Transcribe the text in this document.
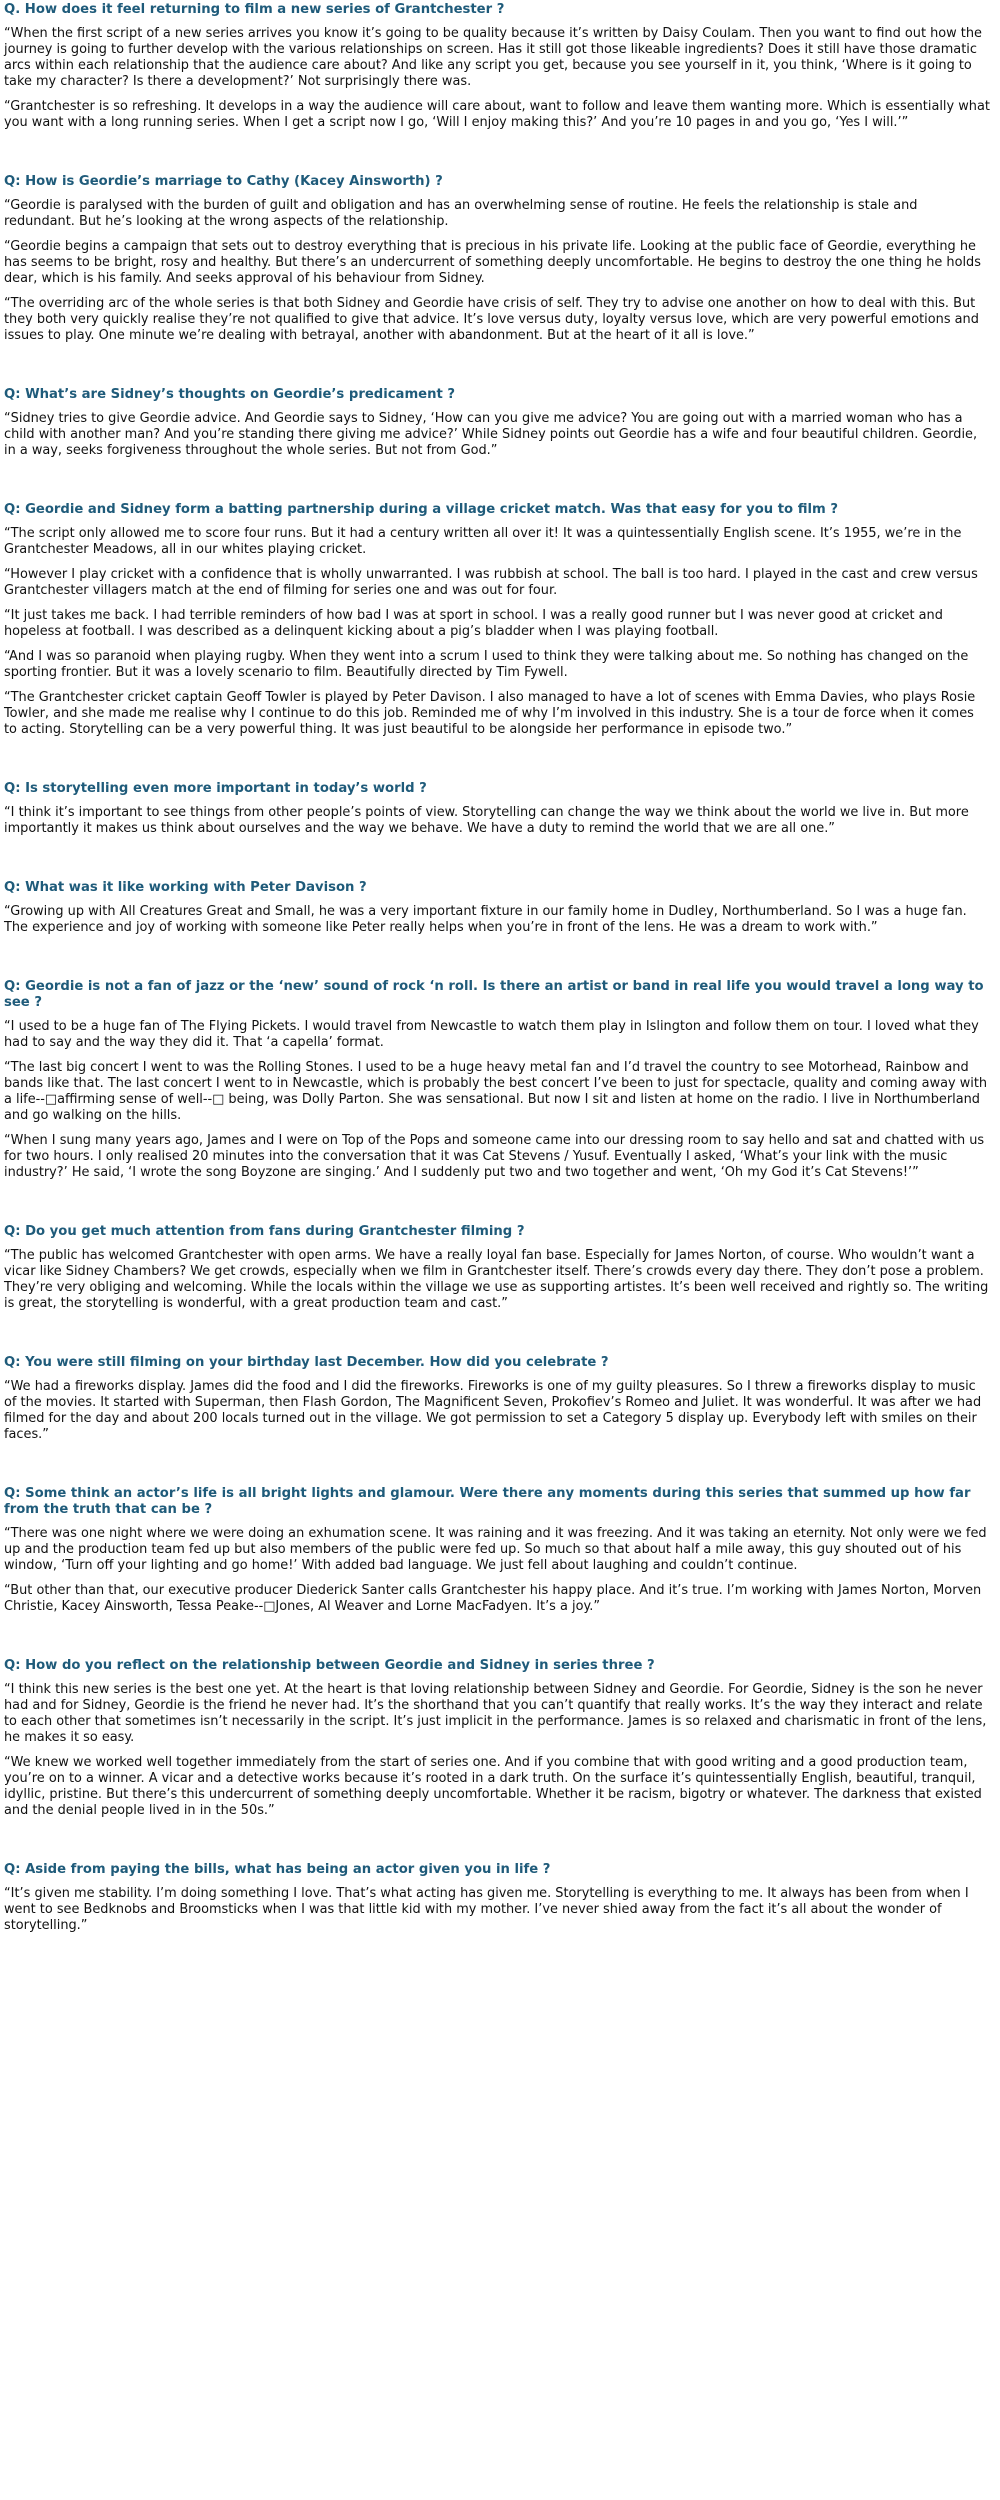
Q. How does it feel returning to film a new series of Grantchester ?

“When the first script of a new series arrives you know it’s going to be quality because it’s written by Daisy Coulam. Then you want to find out how the journey is going to further develop with the various relationships on screen. Has it still got those likeable ingredients? Does it still have those dramatic arcs within each relationship that the audience care about? And like any script you get, because you see yourself in it, you think, ‘Where is it going to take my character? Is there a development?’ Not surprisingly there was.

“Grantchester is so refreshing. It develops in a way the audience will care about, want to follow and leave them wanting more. Which is essentially what you want with a long running series. When I get a script now I go, ‘Will I enjoy making this?’ And you’re 10 pages in and you go, ‘Yes I will.’”

Q: How is Geordie’s marriage to Cathy (Kacey Ainsworth) ?

“Geordie is paralysed with the burden of guilt and obligation and has an overwhelming sense of routine. He feels the relationship is stale and redundant. But he’s looking at the wrong aspects of the relationship.

“Geordie begins a campaign that sets out to destroy everything that is precious in his private life. Looking at the public face of Geordie, everything he has seems to be bright, rosy and healthy. But there’s an undercurrent of something deeply uncomfortable. He begins to destroy the one thing he holds dear, which is his family. And seeks approval of his behaviour from Sidney.

“The overriding arc of the whole series is that both Sidney and Geordie have crisis of self. They try to advise one another on how to deal with this. But they both very quickly realise they’re not qualified to give that advice. It’s love versus duty, loyalty versus love, which are very powerful emotions and issues to play. One minute we’re dealing with betrayal, another with abandonment. But at the heart of it all is love.”

Q: What’s are Sidney’s thoughts on Geordie’s predicament ?

“Sidney tries to give Geordie advice. And Geordie says to Sidney, ‘How can you give me advice? You are going out with a married woman who has a child with another man? And you’re standing there giving me advice?’ While Sidney points out Geordie has a wife and four beautiful children. Geordie, in a way, seeks forgiveness throughout the whole series. But not from God.”

Q: Geordie and Sidney form a batting partnership during a village cricket match. Was that easy for you to film ?

“The script only allowed me to score four runs. But it had a century written all over it! It was a quintessentially English scene. It’s 1955, we’re in the Grantchester Meadows, all in our whites playing cricket.

“However I play cricket with a confidence that is wholly unwarranted. I was rubbish at school. The ball is too hard. I played in the cast and crew versus Grantchester villagers match at the end of filming for series one and was out for four.

“It just takes me back. I had terrible reminders of how bad I was at sport in school. I was a really good runner but I was never good at cricket and hopeless at football. I was described as a delinquent kicking about a pig’s bladder when I was playing football.

“And I was so paranoid when playing rugby. When they went into a scrum I used to think they were talking about me. So nothing has changed on the sporting frontier. But it was a lovely scenario to film. Beautifully directed by Tim Fywell.

“The Grantchester cricket captain Geoff Towler is played by Peter Davison. I also managed to have a lot of scenes with Emma Davies, who plays Rosie Towler, and she made me realise why I continue to do this job. Reminded me of why I’m involved in this industry. She is a tour de force when it comes to acting. Storytelling can be a very powerful thing. It was just beautiful to be alongside her performance in episode two.”

Q: Is storytelling even more important in today’s world ?

“I think it’s important to see things from other people’s points of view. Storytelling can change the way we think about the world we live in. But more importantly it makes us think about ourselves and the way we behave. We have a duty to remind the world that we are all one.”

Q: What was it like working with Peter Davison ?

“Growing up with All Creatures Great and Small, he was a very important fixture in our family home in Dudley, Northumberland. So I was a huge fan. The experience and joy of working with someone like Peter really helps when you’re in front of the lens. He was a dream to work with.”

Q: Geordie is not a fan of jazz or the ‘new’ sound of rock ‘n roll. Is there an artist or band in real life you would travel a long way to see ?

“I used to be a huge fan of The Flying Pickets. I would travel from Newcastle to watch them play in Islington and follow them on tour. I loved what they had to say and the way they did it. That ‘a capella’ format.

“The last big concert I went to was the Rolling Stones. I used to be a huge heavy metal fan and I’d travel the country to see Motorhead, Rainbow and bands like that. The last concert I went to in Newcastle, which is probably the best concert I’ve been to just for spectacle, quality and coming away with a life--□affirming sense of well--□ being, was Dolly Parton. She was sensational. But now I sit and listen at home on the radio. I live in Northumberland and go walking on the hills.

“When I sung many years ago, James and I were on Top of the Pops and someone came into our dressing room to say hello and sat and chatted with us for two hours. I only realised 20 minutes into the conversation that it was Cat Stevens / Yusuf. Eventually I asked, ‘What’s your link with the music industry?’ He said, ‘I wrote the song Boyzone are singing.’ And I suddenly put two and two together and went, ‘Oh my God it’s Cat Stevens!’”

Q: Do you get much attention from fans during Grantchester filming ?

“The public has welcomed Grantchester with open arms. We have a really loyal fan base. Especially for James Norton, of course. Who wouldn’t want a vicar like Sidney Chambers? We get crowds, especially when we film in Grantchester itself. There’s crowds every day there. They don’t pose a problem. They’re very obliging and welcoming. While the locals within the village we use as supporting artistes. It’s been well received and rightly so. The writing is great, the storytelling is wonderful, with a great production team and cast.”

Q: You were still filming on your birthday last December. How did you celebrate ?

“We had a fireworks display. James did the food and I did the fireworks. Fireworks is one of my guilty pleasures. So I threw a fireworks display to music of the movies. It started with Superman, then Flash Gordon, The Magnificent Seven, Prokofiev’s Romeo and Juliet. It was wonderful. It was after we had filmed for the day and about 200 locals turned out in the village. We got permission to set a Category 5 display up. Everybody left with smiles on their faces.”

Q: Some think an actor’s life is all bright lights and glamour. Were there any moments during this series that summed up how far from the truth that can be ?

“There was one night where we were doing an exhumation scene. It was raining and it was freezing. And it was taking an eternity. Not only were we fed up and the production team fed up but also members of the public were fed up. So much so that about half a mile away, this guy shouted out of his window, ‘Turn off your lighting and go home!’ With added bad language. We just fell about laughing and couldn’t continue.

“But other than that, our executive producer Diederick Santer calls Grantchester his happy place. And it’s true. I’m working with James Norton, Morven Christie, Kacey Ainsworth, Tessa Peake--□Jones, Al Weaver and Lorne MacFadyen. It’s a joy.”

Q: How do you reflect on the relationship between Geordie and Sidney in series three ?

“I think this new series is the best one yet. At the heart is that loving relationship between Sidney and Geordie. For Geordie, Sidney is the son he never had and for Sidney, Geordie is the friend he never had. It’s the shorthand that you can’t quantify that really works. It’s the way they interact and relate to each other that sometimes isn’t necessarily in the script. It’s just implicit in the performance. James is so relaxed and charismatic in front of the lens, he makes it so easy.

“We knew we worked well together immediately from the start of series one. And if you combine that with good writing and a good production team, you’re on to a winner. A vicar and a detective works because it’s rooted in a dark truth. On the surface it’s quintessentially English, beautiful, tranquil, idyllic, pristine. But there’s this undercurrent of something deeply uncomfortable. Whether it be racism, bigotry or whatever. The darkness that existed and the denial people lived in in the 50s.”

Q: Aside from paying the bills, what has being an actor given you in life ?

“It’s given me stability. I’m doing something I love. That’s what acting has given me. Storytelling is everything to me. It always has been from when I went to see Bedknobs and Broomsticks when I was that little kid with my mother. I’ve never shied away from the fact it’s all about the wonder of storytelling.”
